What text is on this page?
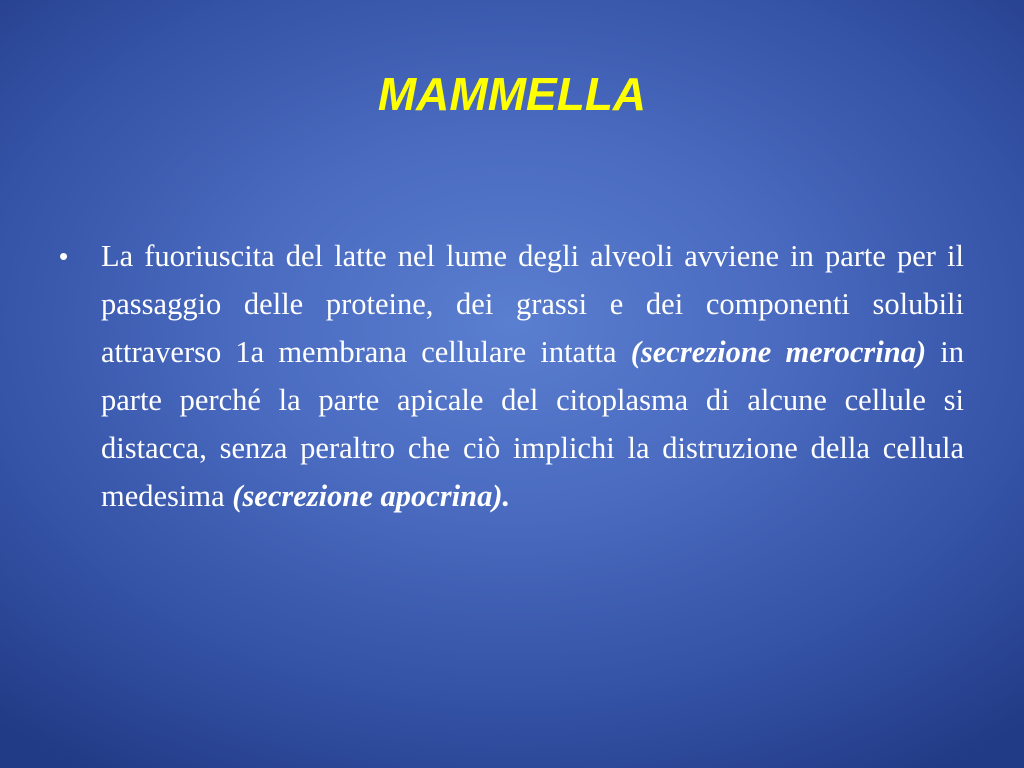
MAMMELLA

• La fuoriuscita del latte nel lume degli alveoli avviene in parte per il passaggio delle proteine, dei grassi e dei componenti solubili attraverso 1a membrana cellulare intatta (secrezione merocrina) in parte perché la parte apicale del citoplasma di alcune cellule si distacca, senza peraltro che ciò implichi la distruzione della cellula medesima (secrezione apocrina).
